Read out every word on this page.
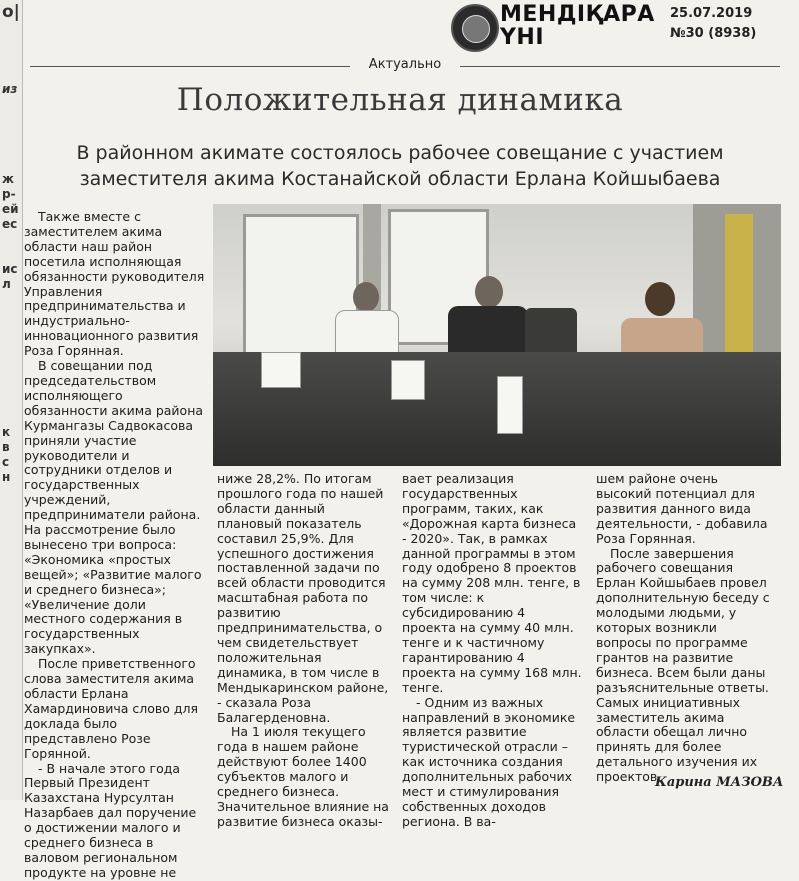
о|
из
ж
р-
ей
ес
ис
л
к
в
с
н
МЕНДІҚАРА
ҮНІ
25.07.2019
№30 (8938)
Актуально
Положительная динамика
В районном акимате состоялось рабочее совещание с участием заместителя акима Костанайской области Ерлана Койшыбаева

Также вместе с заместителем акима области наш район посетила исполняющая обязанности руководителя Управления предпринимательства и индустриально-инновационного развития Роза Горянная.

В совещании под председательством исполняющего обязанности акима района Курмангазы Садвокасова приняли участие руководители и сотрудники отделов и государственных учреждений, предприниматели района. На рассмотрение было вынесено три вопроса: «Экономика «простых вещей»; «Развитие малого и среднего бизнеса»; «Увеличение доли местного содержания в государственных закупках».

После приветственного слова заместителя акима области Ерлана Хамардиновича слово для доклада было представлено Розе Горянной.

- В начале этого года Первый Президент Казахстана Нурсултан Назарбаев дал поручение о достижении малого и среднего бизнеса в валовом региональном продукте на уровне не

ниже 28,2%. По итогам прошлого года по нашей области данный плановый показатель составил 25,9%. Для успешного достижения поставленной задачи по всей области проводится масштабная работа по развитию предпринимательства, о чем свидетельствует положительная динамика, в том числе в Мендыкаринском районе, - сказала Роза Балагерденовна.

На 1 июля текущего года в нашем районе действуют более 1400 субъектов малого и среднего бизнеса. Значительное влияние на развитие бизнеса оказы-

вает реализация государственных программ, таких, как «Дорожная карта бизнеса - 2020». Так, в рамках данной программы в этом году одобрено 8 проектов на сумму 208 млн. тенге, в том числе: к субсидированию 4 проекта на сумму 40 млн. тенге и к частичному гарантированию 4 проекта на сумму 168 млн. тенге.

- Одним из важных направлений в экономике является развитие туристической отрасли – как источника создания дополнительных рабочих мест и стимулирования собственных доходов региона. В ва-

шем районе очень высокий потенциал для развития данного вида деятельности, - добавила Роза Горянная.

После завершения рабочего совещания Ерлан Койшыбаев провел дополнительную беседу с молодыми людьми, у которых возникли вопросы по программе грантов на развитие бизнеса. Всем были даны разъяснительные ответы. Самых инициативных заместитель акима области обещал лично принять для более детального изучения их проектов.

Карина МАЗОВА
